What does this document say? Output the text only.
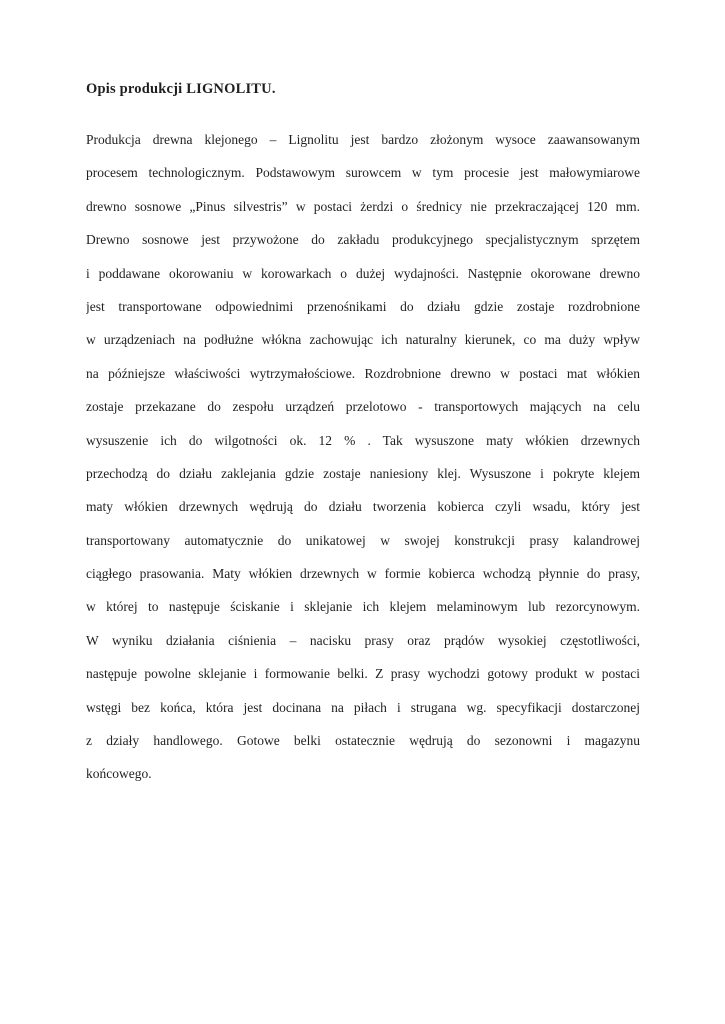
Opis produkcji LIGNOLITU.
Produkcja drewna klejonego – Lignolitu jest bardzo złożonym wysoce zaawansowanym
procesem technologicznym. Podstawowym surowcem w tym procesie jest małowymiarowe
drewno sosnowe „Pinus silvestris” w postaci żerdzi o średnicy nie przekraczającej 120 mm.
Drewno sosnowe jest przywożone do zakładu produkcyjnego specjalistycznym sprzętem
i poddawane okorowaniu w korowarkach o dużej wydajności. Następnie okorowane drewno
jest transportowane odpowiednimi przenośnikami do działu gdzie zostaje rozdrobnione
w urządzeniach na podłużne włókna zachowując ich naturalny kierunek, co ma duży wpływ
na późniejsze właściwości wytrzymałościowe. Rozdrobnione drewno w postaci mat włókien
zostaje przekazane do zespołu urządzeń przelotowo - transportowych mających na celu
wysuszenie ich do wilgotności ok. 12 % . Tak wysuszone maty włókien drzewnych
przechodzą do działu zaklejania gdzie zostaje naniesiony klej. Wysuszone i pokryte klejem
maty włókien drzewnych wędrują do działu tworzenia kobierca czyli wsadu, który jest
transportowany automatycznie do unikatowej w swojej konstrukcji prasy kalandrowej
ciągłego prasowania. Maty włókien drzewnych w formie kobierca wchodzą płynnie do prasy,
w której to następuje ściskanie i sklejanie ich klejem melaminowym lub rezorcynowym.
W wyniku działania ciśnienia – nacisku prasy oraz prądów wysokiej częstotliwości,
następuje powolne sklejanie i formowanie belki. Z prasy wychodzi gotowy produkt w postaci
wstęgi bez końca, która jest docinana na piłach i strugana wg. specyfikacji dostarczonej
z działy handlowego. Gotowe belki ostatecznie wędrują do sezonowni i magazynu
końcowego.
